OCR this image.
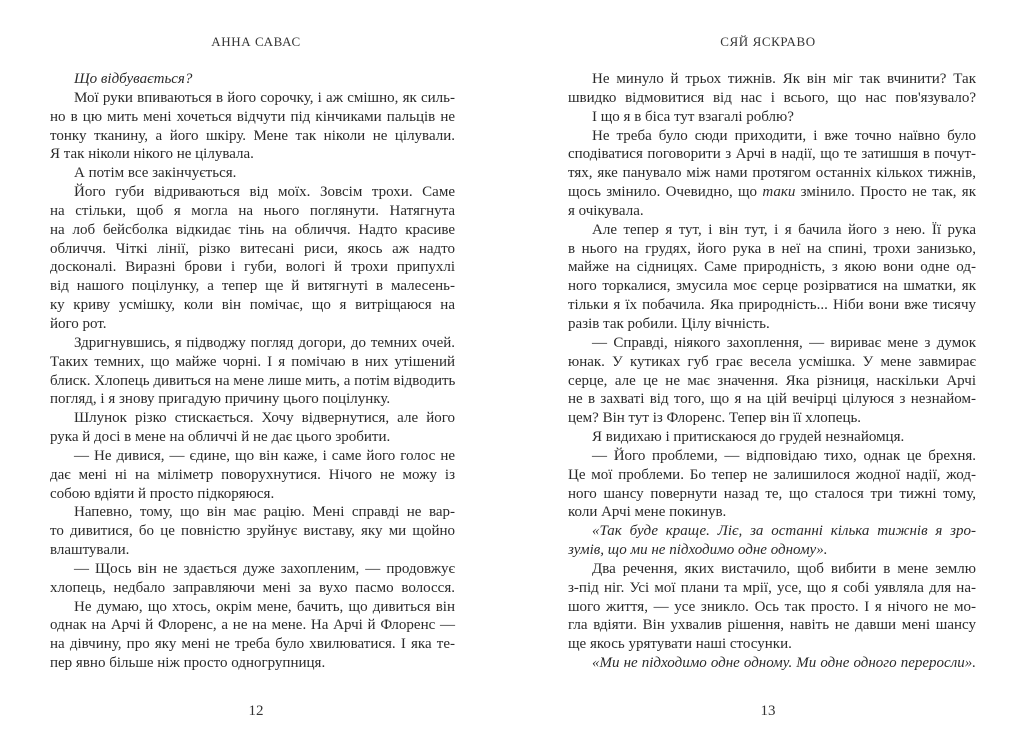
АННА САВАС
Що відбувається?
Мої руки впиваються в його сорочку, і аж смішно, як силь-
но в цю мить мені хочеться відчути під кінчиками пальців не
тонку тканину, а його шкіру. Мене так ніколи не цілували.
Я так ніколи нікого не цілувала.
А потім все закінчується.
Його губи відриваються від моїх. Зовсім трохи. Саме
на стільки, щоб я могла на нього поглянути. Натягнута
на лоб бейсболка відкидає тінь на обличчя. Надто красиве
обличчя. Чіткі лінії, різко витесані риси, якось аж надто
досконалі. Виразні брови і губи, вологі й трохи припухлі
від нашого поцілунку, а тепер ще й витягнуті в малесень-
ку криву усмішку, коли він помічає, що я витріщаюся на
його рот.
Здригнувшись, я підводжу погляд догори, до темних очей.
Таких темних, що майже чорні. І я помічаю в них утішений
блиск. Хлопець дивиться на мене лише мить, а потім відводить
погляд, і я знову пригадую причину цього поцілунку.
Шлунок різко стискається. Хочу відвернутися, але його
рука й досі в мене на обличчі й не дає цього зробити.
— Не дивися, — єдине, що він каже, і саме його голос не
дає мені ні на міліметр поворухнутися. Нічого не можу із
собою вдіяти й просто підкоряюся.
Напевно, тому, що він має рацію. Мені справді не вар-
то дивитися, бо це повністю зруйнує виставу, яку ми щойно
влаштували.
— Щось він не здається дуже захопленим, — продовжує
хлопець, недбало заправляючи мені за вухо пасмо волосся.
Не думаю, що хтось, окрім мене, бачить, що дивиться він
однак на Арчі й Флоренс, а не на мене. На Арчі й Флоренс —
на дівчину, про яку мені не треба було хвилюватися. І яка те-
пер явно більше ніж просто одногрупниця.
12
СЯЙ ЯСКРАВО
Не минуло й трьох тижнів. Як він міг так вчинити? Так
швидко відмовитися від нас і всього, що нас пов'язувало?
І що я в біса тут взагалі роблю?
Не треба було сюди приходити, і вже точно наївно було
сподіватися поговорити з Арчі в надії, що те затишшя в почут-
тях, яке панувало між нами протягом останніх кількох тижнів,
щось змінило. Очевидно, що таки змінило. Просто не так, як
я очікувала.
Але тепер я тут, і він тут, і я бачила його з нею. Її рука
в нього на грудях, його рука в неї на спині, трохи занизько,
майже на сідницях. Саме природність, з якою вони одне од-
ного торкалися, змусила моє серце розірватися на шматки, як
тільки я їх побачила. Яка природність... Ніби вони вже тисячу
разів так робили. Цілу вічність.
— Справді, ніякого захоплення, — вириває мене з думок
юнак. У кутиках губ грає весела усмішка. У мене завмирає
серце, але це не має значення. Яка різниця, наскільки Арчі
не в захваті від того, що я на цій вечірці цілуюся з незнайом-
цем? Він тут із Флоренс. Тепер він її хлопець.
Я видихаю і притискаюся до грудей незнайомця.
— Його проблеми, — відповідаю тихо, однак це брехня.
Це мої проблеми. Бо тепер не залишилося жодної надії, жод-
ного шансу повернути назад те, що сталося три тижні тому,
коли Арчі мене покинув.
«Так буде краще. Ліє, за останні кілька тижнів я зро-
зумів, що ми не підходимо одне одному».
Два речення, яких вистачило, щоб вибити в мене землю
з-під ніг. Усі мої плани та мрії, усе, що я собі уявляла для на-
шого життя, — усе зникло. Ось так просто. І я нічого не мо-
гла вдіяти. Він ухвалив рішення, навіть не давши мені шансу
ще якось урятувати наші стосунки.
«Ми не підходимо одне одному. Ми одне одного переросли».
13
